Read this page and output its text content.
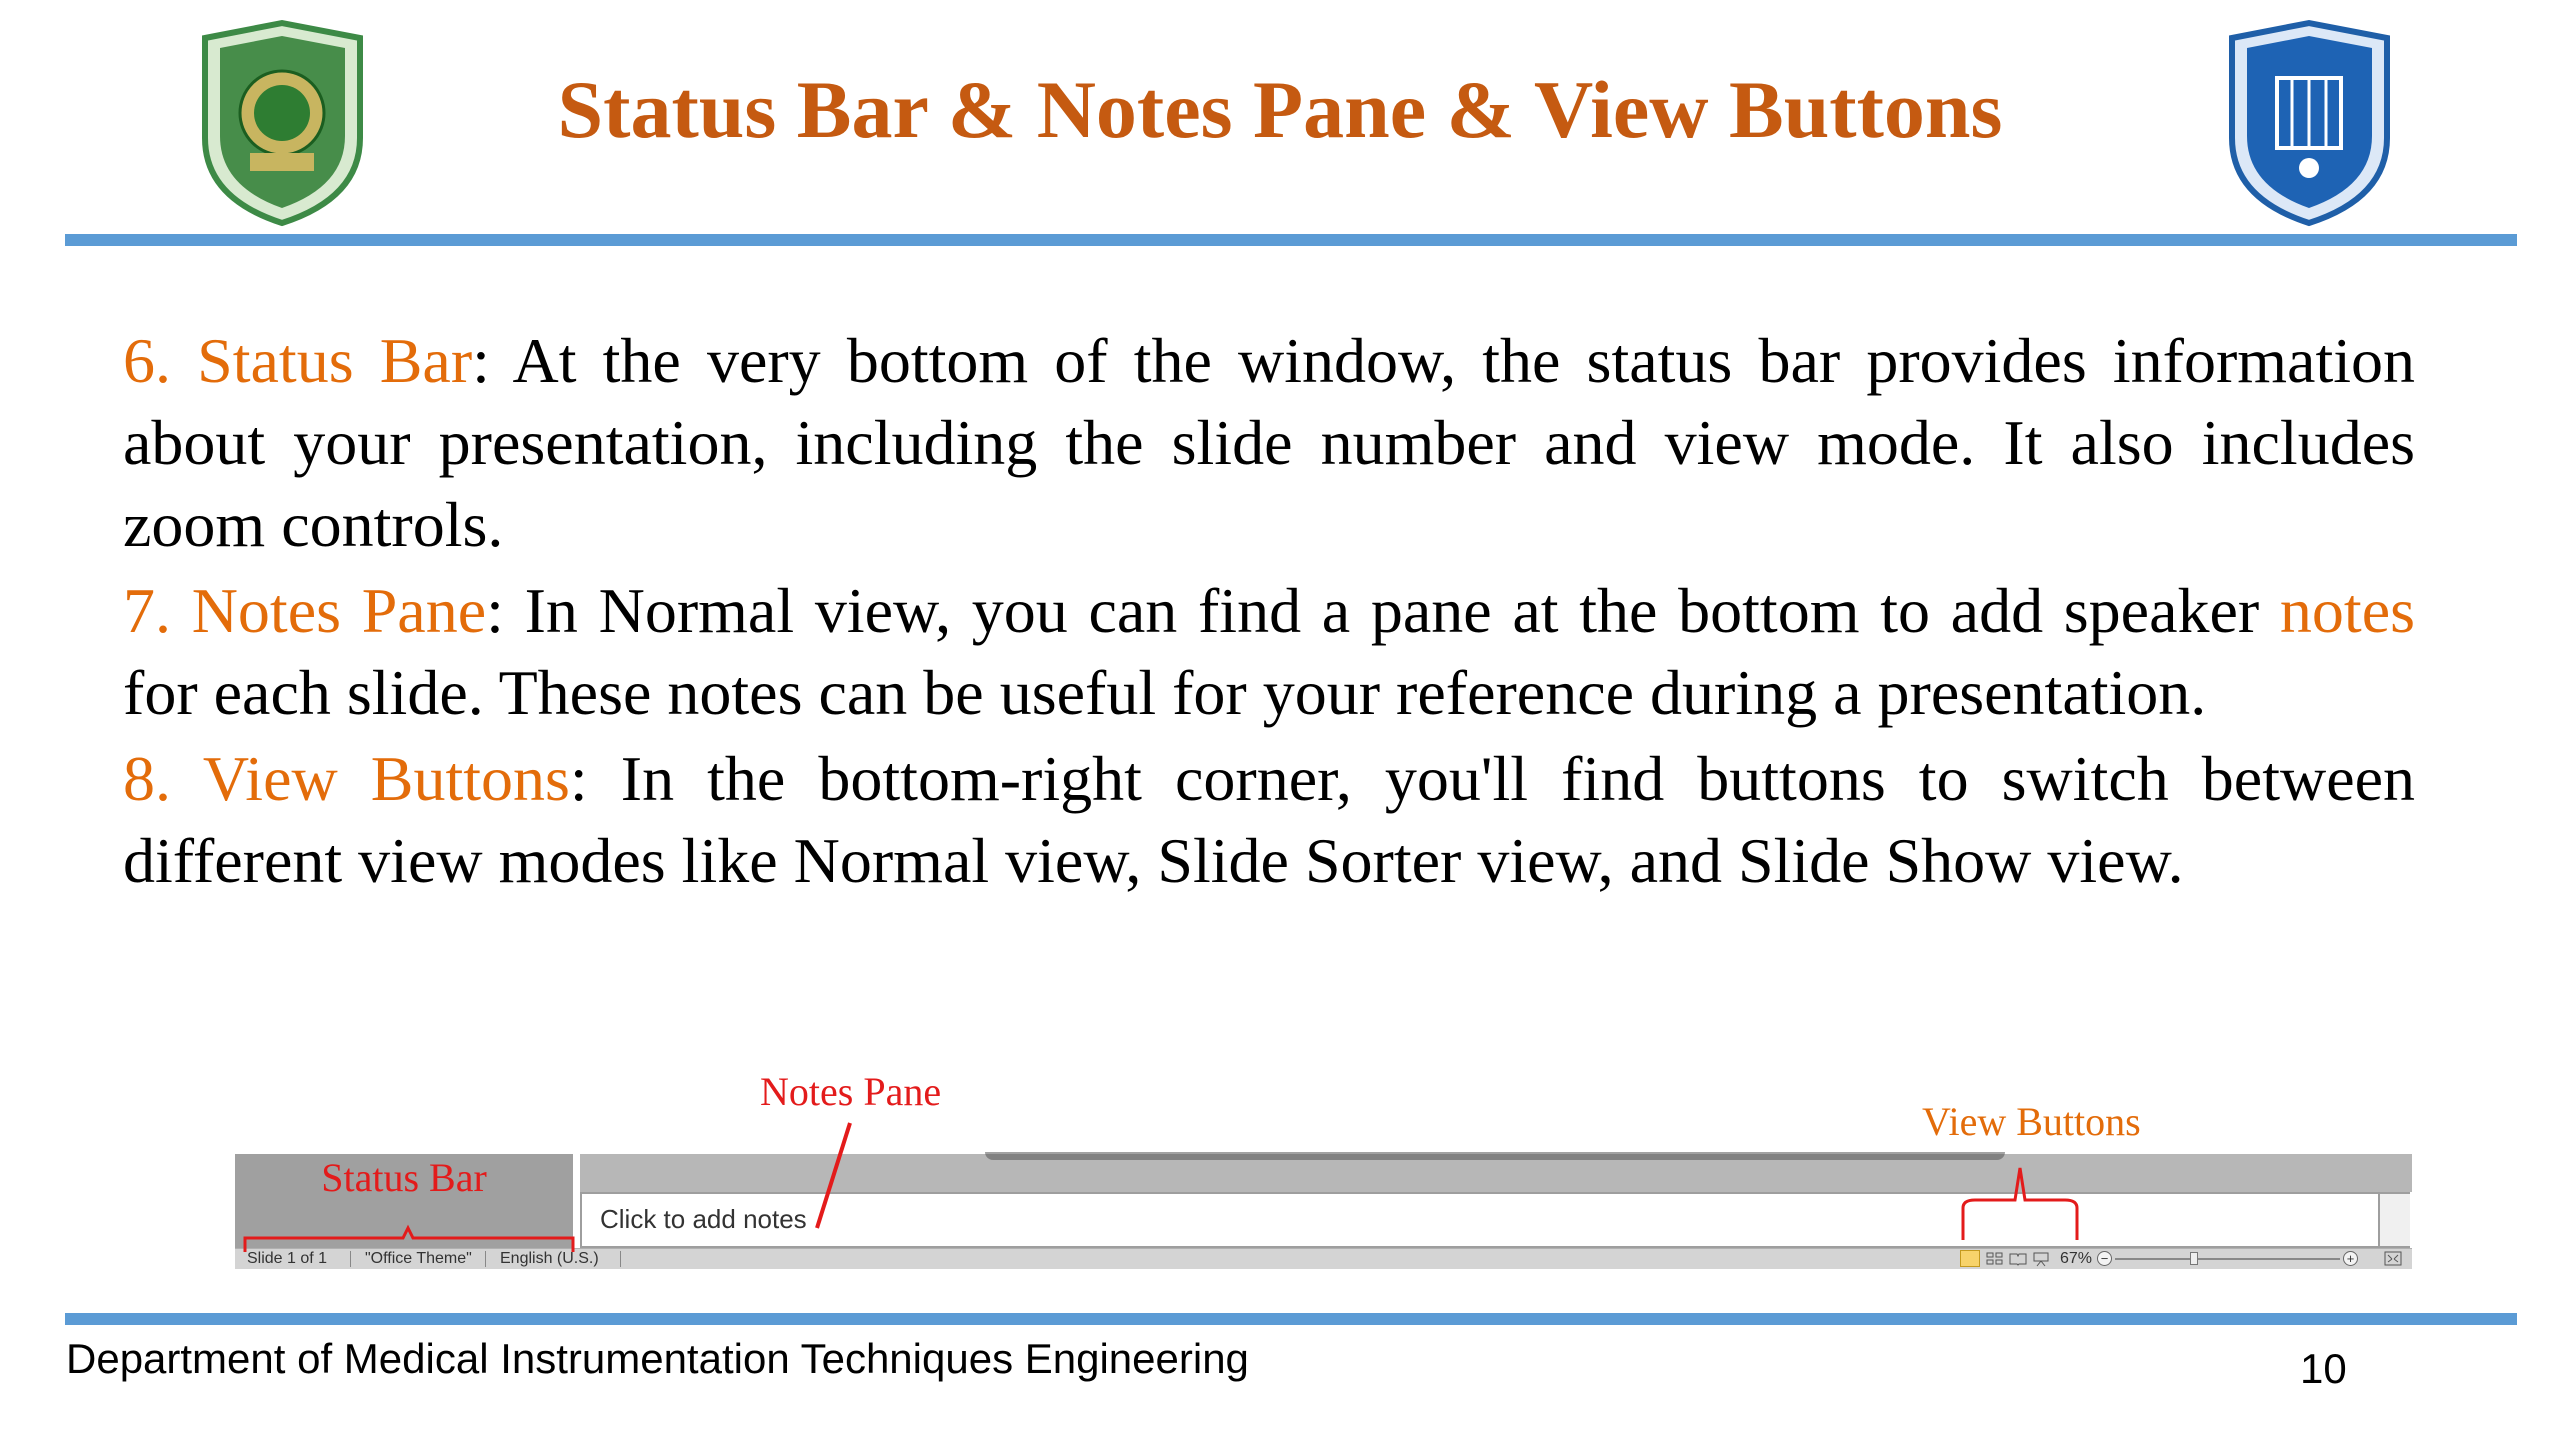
Status Bar & Notes Pane & View Buttons

6. Status Bar: At the very bottom of the window, the status bar provides information about your presentation, including the slide number and view mode. It also includes zoom controls.

7. Notes Pane: In Normal view, you can find a pane at the bottom to add speaker notes for each slide. These notes can be useful for your reference during a presentation.

8. View Buttons: In the bottom-right corner, you'll find buttons to switch between different view modes like Normal view, Slide Sorter view, and Slide Show view.

Status Bar
Click to add notes
Slide 1 of 1 "Office Theme" English (U.S.)	67% −	+
Notes Pane
View Buttons
Department of Medical Instrumentation Techniques Engineering	10
